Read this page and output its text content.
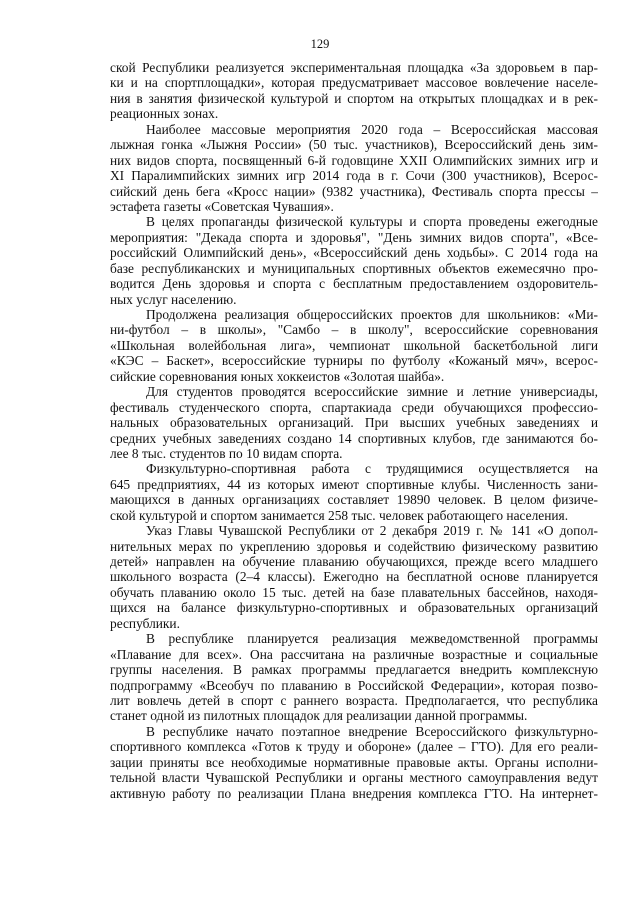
129
ской Республики реализуется экспериментальная площадка «За здоровьем в пар-
ки и на спортплощадки», которая предусматривает массовое вовлечение населе-
ния в занятия физической культурой и спортом на открытых площадках и в рек-
реационных зонах.
Наиболее массовые мероприятия 2020 года – Всероссийская массовая
лыжная гонка «Лыжня России» (50 тыс. участников), Всероссийский день зим-
них видов спорта, посвященный 6-й годовщине XXII Олимпийских зимних игр и
XI Паралимпийских зимних игр 2014 года в г. Сочи (300 участников), Всерос-
сийский день бега «Кросс нации» (9382 участника), Фестиваль спорта прессы –
эстафета газеты «Советская Чувашия».
В целях пропаганды физической культуры и спорта проведены ежегодные
мероприятия: "Декада спорта и здоровья", "День зимних видов спорта", «Все-
российский Олимпийский день», «Всероссийский день ходьбы». С 2014 года на
базе республиканских и муниципальных спортивных объектов ежемесячно про-
водится День здоровья и спорта с бесплатным предоставлением оздоровитель-
ных услуг населению.
Продолжена реализация общероссийских проектов для школьников: «Ми-
ни-футбол – в школы», "Самбо – в школу", всероссийские соревнования
«Школьная волейбольная лига», чемпионат школьной баскетбольной лиги
«КЭС – Баскет», всероссийские турниры по футболу «Кожаный мяч», всерос-
сийские соревнования юных хоккеистов «Золотая шайба».
Для студентов проводятся всероссийские зимние и летние универсиады,
фестиваль студенческого спорта, спартакиада среди обучающихся профессио-
нальных образовательных организаций. При высших учебных заведениях и
средних учебных заведениях создано 14 спортивных клубов, где занимаются бо-
лее 8 тыс. студентов по 10 видам спорта.
Физкультурно-спортивная работа с трудящимися осуществляется на
645 предприятиях, 44 из которых имеют спортивные клубы. Численность зани-
мающихся в данных организациях составляет 19890 человек. В целом физиче-
ской культурой и спортом занимается 258 тыс. человек работающего населения.
Указ Главы Чувашской Республики от 2 декабря 2019 г. № 141 «О допол-
нительных мерах по укреплению здоровья и содействию физическому развитию
детей» направлен на обучение плаванию обучающихся, прежде всего младшего
школьного возраста (2–4 классы). Ежегодно на бесплатной основе планируется
обучать плаванию около 15 тыс. детей на базе плавательных бассейнов, находя-
щихся на балансе физкультурно-спортивных и образовательных организаций
республики.
В республике планируется реализация межведомственной программы
«Плавание для всех». Она рассчитана на различные возрастные и социальные
группы населения. В рамках программы предлагается внедрить комплексную
подпрограмму «Всеобуч по плаванию в Российской Федерации», которая позво-
лит вовлечь детей в спорт с раннего возраста. Предполагается, что республика
станет одной из пилотных площадок для реализации данной программы.
В республике начато поэтапное внедрение Всероссийского физкультурно-
спортивного комплекса «Готов к труду и обороне» (далее – ГТО). Для его реали-
зации приняты все необходимые нормативные правовые акты. Органы исполни-
тельной власти Чувашской Республики и органы местного самоуправления ведут
активную работу по реализации Плана внедрения комплекса ГТО. На интернет-
